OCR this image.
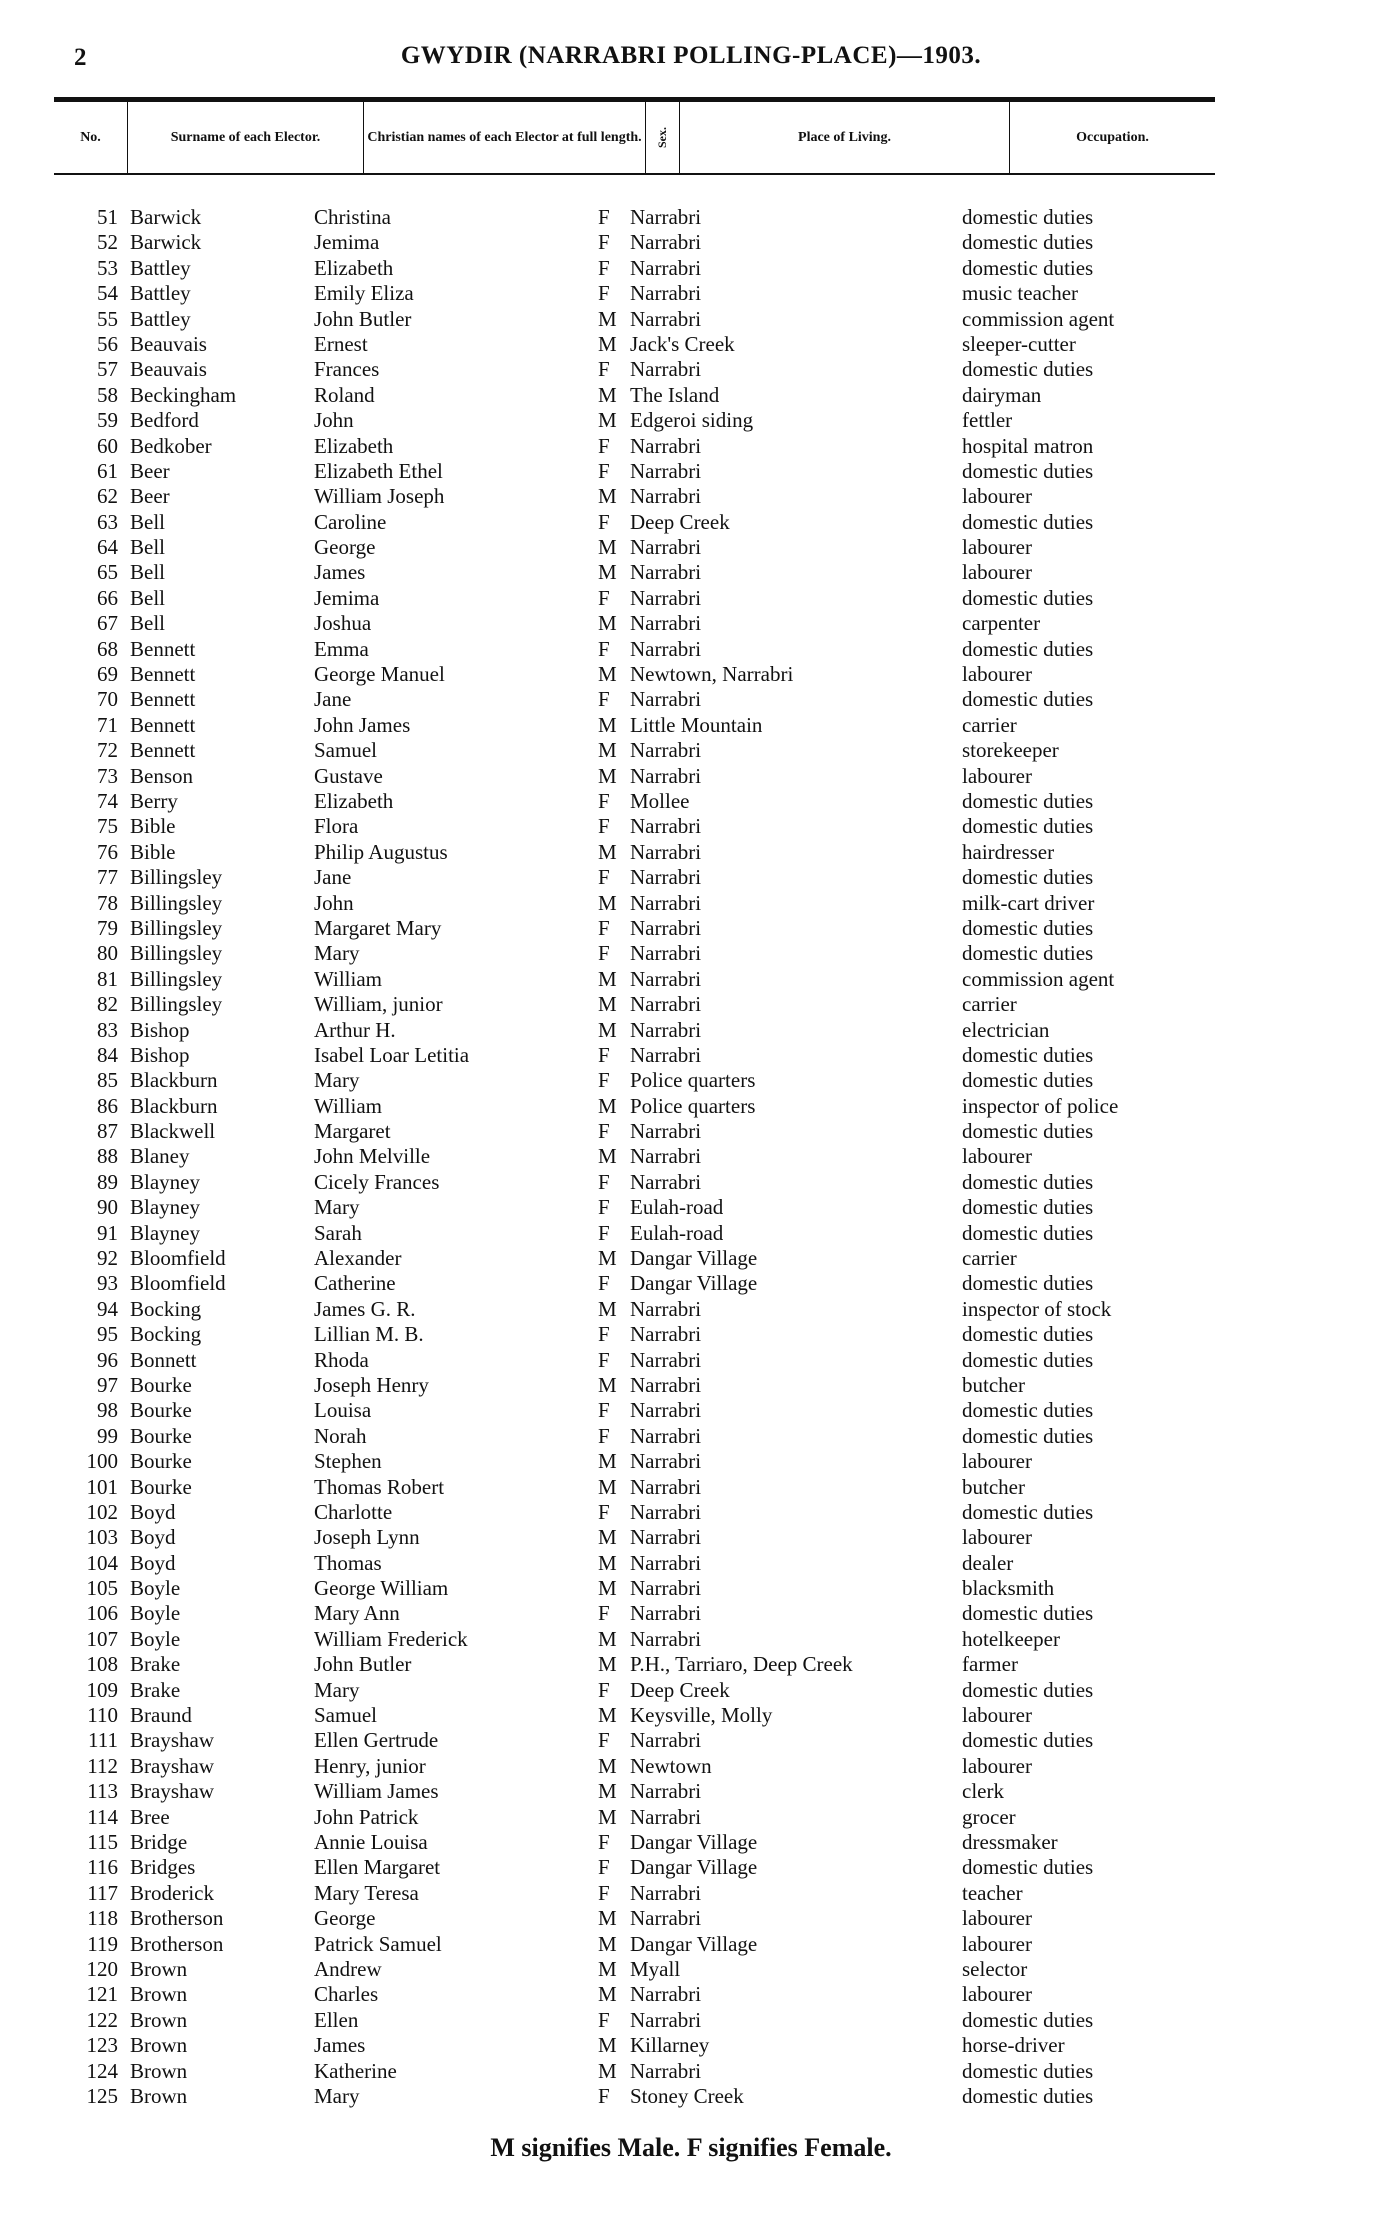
2	GWYDIR (NARRABRI POLLING-PLACE)—1903.
No.	Surname of each Elector.	Christian names of each Elector at full length.	Sex.	Place of Living.	Occupation.
51 Barwick	Christina	F Narrabri	domestic duties
52 Barwick	Jemima	F Narrabri	domestic duties
53 Battley	Elizabeth	F Narrabri	domestic duties
54 Battley	Emily Eliza	F Narrabri	music teacher
55 Battley	John Butler	M Narrabri	commission agent
56 Beauvais	Ernest	M Jack's Creek	sleeper-cutter
57 Beauvais	Frances	F Narrabri	domestic duties
58 Beckingham	Roland	M The Island	dairyman
59 Bedford	John	M Edgeroi siding	fettler
60 Bedkober	Elizabeth	F Narrabri	hospital matron
61 Beer	Elizabeth Ethel	F Narrabri	domestic duties
62 Beer	William Joseph	M Narrabri	labourer
63 Bell	Caroline	F Deep Creek	domestic duties
64 Bell	George	M Narrabri	labourer
65 Bell	James	M Narrabri	labourer
66 Bell	Jemima	F Narrabri	domestic duties
67 Bell	Joshua	M Narrabri	carpenter
68 Bennett	Emma	F Narrabri	domestic duties
69 Bennett	George Manuel	M Newtown, Narrabri	labourer
70 Bennett	Jane	F Narrabri	domestic duties
71 Bennett	John James	M Little Mountain	carrier
72 Bennett	Samuel	M Narrabri	storekeeper
73 Benson	Gustave	M Narrabri	labourer
74 Berry	Elizabeth	F Mollee	domestic duties
75 Bible	Flora	F Narrabri	domestic duties
76 Bible	Philip Augustus	M Narrabri	hairdresser
77 Billingsley	Jane	F Narrabri	domestic duties
78 Billingsley	John	M Narrabri	milk-cart driver
79 Billingsley	Margaret Mary	F Narrabri	domestic duties
80 Billingsley	Mary	F Narrabri	domestic duties
81 Billingsley	William	M Narrabri	commission agent
82 Billingsley	William, junior	M Narrabri	carrier
83 Bishop	Arthur H.	M Narrabri	electrician
84 Bishop	Isabel Loar Letitia	F Narrabri	domestic duties
85 Blackburn	Mary	F Police quarters	domestic duties
86 Blackburn	William	M Police quarters	inspector of police
87 Blackwell	Margaret	F Narrabri	domestic duties
88 Blaney	John Melville	M Narrabri	labourer
89 Blayney	Cicely Frances	F Narrabri	domestic duties
90 Blayney	Mary	F Eulah-road	domestic duties
91 Blayney	Sarah	F Eulah-road	domestic duties
92 Bloomfield	Alexander	M Dangar Village	carrier
93 Bloomfield	Catherine	F Dangar Village	domestic duties
94 Bocking	James G. R.	M Narrabri	inspector of stock
95 Bocking	Lillian M. B.	F Narrabri	domestic duties
96 Bonnett	Rhoda	F Narrabri	domestic duties
97 Bourke	Joseph Henry	M Narrabri	butcher
98 Bourke	Louisa	F Narrabri	domestic duties
99 Bourke	Norah	F Narrabri	domestic duties
100 Bourke	Stephen	M Narrabri	labourer
101 Bourke	Thomas Robert	M Narrabri	butcher
102 Boyd	Charlotte	F Narrabri	domestic duties
103 Boyd	Joseph Lynn	M Narrabri	labourer
104 Boyd	Thomas	M Narrabri	dealer
105 Boyle	George William	M Narrabri	blacksmith
106 Boyle	Mary Ann	F Narrabri	domestic duties
107 Boyle	William Frederick	M Narrabri	hotelkeeper
108 Brake	John Butler	M P.H., Tarriaro, Deep Creek	farmer
109 Brake	Mary	F Deep Creek	domestic duties
110 Braund	Samuel	M Keysville, Molly	labourer
111 Brayshaw	Ellen Gertrude	F Narrabri	domestic duties
112 Brayshaw	Henry, junior	M Newtown	labourer
113 Brayshaw	William James	M Narrabri	clerk
114 Bree	John Patrick	M Narrabri	grocer
115 Bridge	Annie Louisa	F Dangar Village	dressmaker
116 Bridges	Ellen Margaret	F Dangar Village	domestic duties
117 Broderick	Mary Teresa	F Narrabri	teacher
118 Brotherson	George	M Narrabri	labourer
119 Brotherson	Patrick Samuel	M Dangar Village	labourer
120 Brown	Andrew	M Myall	selector
121 Brown	Charles	M Narrabri	labourer
122 Brown	Ellen	F Narrabri	domestic duties
123 Brown	James	M Killarney	horse-driver
124 Brown	Katherine	M Narrabri	domestic duties
125 Brown	Mary	F Stoney Creek	domestic duties
M signifies Male. F signifies Female.
